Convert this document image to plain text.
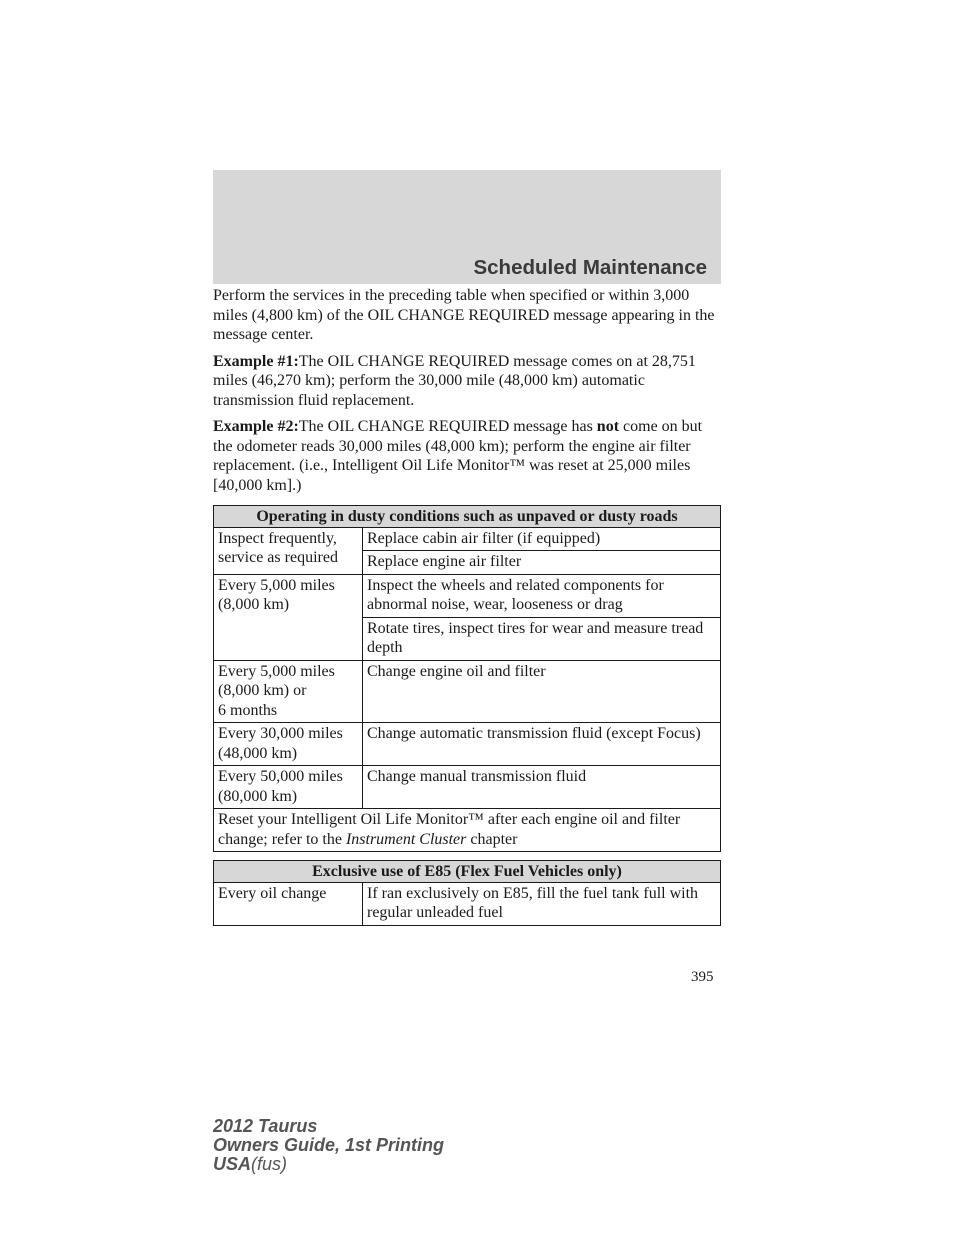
Scheduled Maintenance

Perform the services in the preceding table when specified or within 3,000 miles (4,800 km) of the OIL CHANGE REQUIRED message appearing in the message center.

Example #1:The OIL CHANGE REQUIRED message comes on at 28,751 miles (46,270 km); perform the 30,000 mile (48,000 km) automatic transmission fluid replacement.

Example #2:The OIL CHANGE REQUIRED message has not come on but the odometer reads 30,000 miles (48,000 km); perform the engine air filter replacement. (i.e., Intelligent Oil Life Monitor™ was reset at 25,000 miles [40,000 km].)

Operating in dusty conditions such as unpaved or dusty roads	
Inspect frequently, service as required	Replace cabin air filter (if equipped)
	Replace engine air filter
Every 5,000 miles (8,000 km)	Inspect the wheels and related components for abnormal noise, wear, looseness or drag
	Rotate tires, inspect tires for wear and measure tread depth
Every 5,000 miles
(8,000 km) or
6 months	Change engine oil and filter
Every 30,000 miles (48,000 km)	Change automatic transmission fluid (except Focus)
Every 50,000 miles (80,000 km)	Change manual transmission fluid
Reset your Intelligent Oil Life Monitor™ after each engine oil and filter change; refer to the Instrument Cluster chapter	
Exclusive use of E85 (Flex Fuel Vehicles only)
Every oil change	If ran exclusively on E85, fill the fuel tank full with regular unleaded fuel
395
2012 Taurus
Owners Guide, 1st Printing
USA(fus)
